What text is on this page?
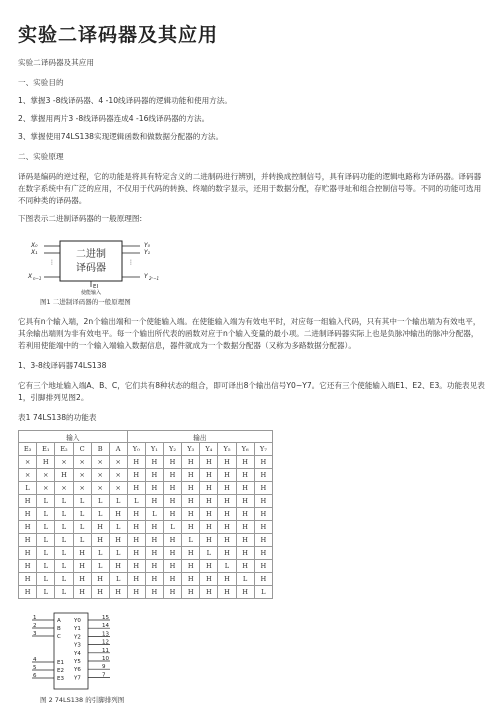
实验二译码器及其应用

实验二译码器及其应用

一、实验目的

1、掌握3 -8线译码器、4 -10线译码器的逻辑功能和使用方法。

2、掌握用两片3 -8线译码器连成4 -16线译码器的方法。

3、掌握使用74LS138实现逻辑函数和做数据分配器的方法。

二、实验原理

译码是编码的逆过程，它的功能是将具有特定含义的二进制码进行辨别，并转换成控制信号，具有译码功能的逻辑电路称为译码器。译码器在数字系统中有广泛的应用，不仅用于代码的转换、终端的数字显示，还用于数据分配，存贮器寻址和组合控制信号等。不同的功能可选用不同种类的译码器。

下图表示二进制译码器的一般原理图:

二进制
译码器
X₀
X₁
⋮
X n−1
Y₀
Y₁
⋮
Y 2ⁿ−1
EI
使能输入
图1 二进制译码器的一般原理图

它具有n个输入端，2n个输出端和一个使能输入端。在使能输入端为有效电平时，对应每一组输入代码，只有其中一个输出端为有效电平，其余输出端则为非有效电平。每一个输出所代表的函数对应于n个输入变量的最小项。二进制译码器实际上也是负脉冲输出的脉冲分配器，若利用使能端中的一个输入端输入数据信息，器件就成为一个数据分配器（又称为多路数据分配器）。

1、3-8线译码器74LS138

它有三个地址输入端A、B、C，它们共有8种状态的组合，即可译出8个输出信号Y0~Y7。它还有三个使能输入端E1、E2、E3。功能表见表1，引脚排列见图2。

表1 74LS138的功能表

输入						输出							
E₃	E₁	E₂	C	B	A	Y₀	Y₁	Y₂	Y₃	Y₄	Y₅	Y₆	Y₇
×	H	×	×	×	×	H	H	H	H	H	H	H	H
×	×	H	×	×	×	H	H	H	H	H	H	H	H
L	×	×	×	×	×	H	H	H	H	H	H	H	H
H	L	L	L	L	L	L	H	H	H	H	H	H	H
H	L	L	L	L	H	H	L	H	H	H	H	H	H
H	L	L	L	H	L	H	H	L	H	H	H	H	H
H	L	L	L	H	H	H	H	H	L	H	H	H	H
H	L	L	H	L	L	H	H	H	H	L	H	H	H
H	L	L	H	L	H	H	H	H	H	H	L	H	H
H	L	L	H	H	L	H	H	H	H	H	H	L	H
H	L	L	H	H	H	H	H	H	H	H	H	H	L
1	A
2	B
3	C
4	E1
5	E2
6	E3
Y0	15
Y1	14
Y2	13
Y3	12
Y4	11
Y5	10
Y6	9
Y7	7
图 2 74LS138 的引脚排列图
